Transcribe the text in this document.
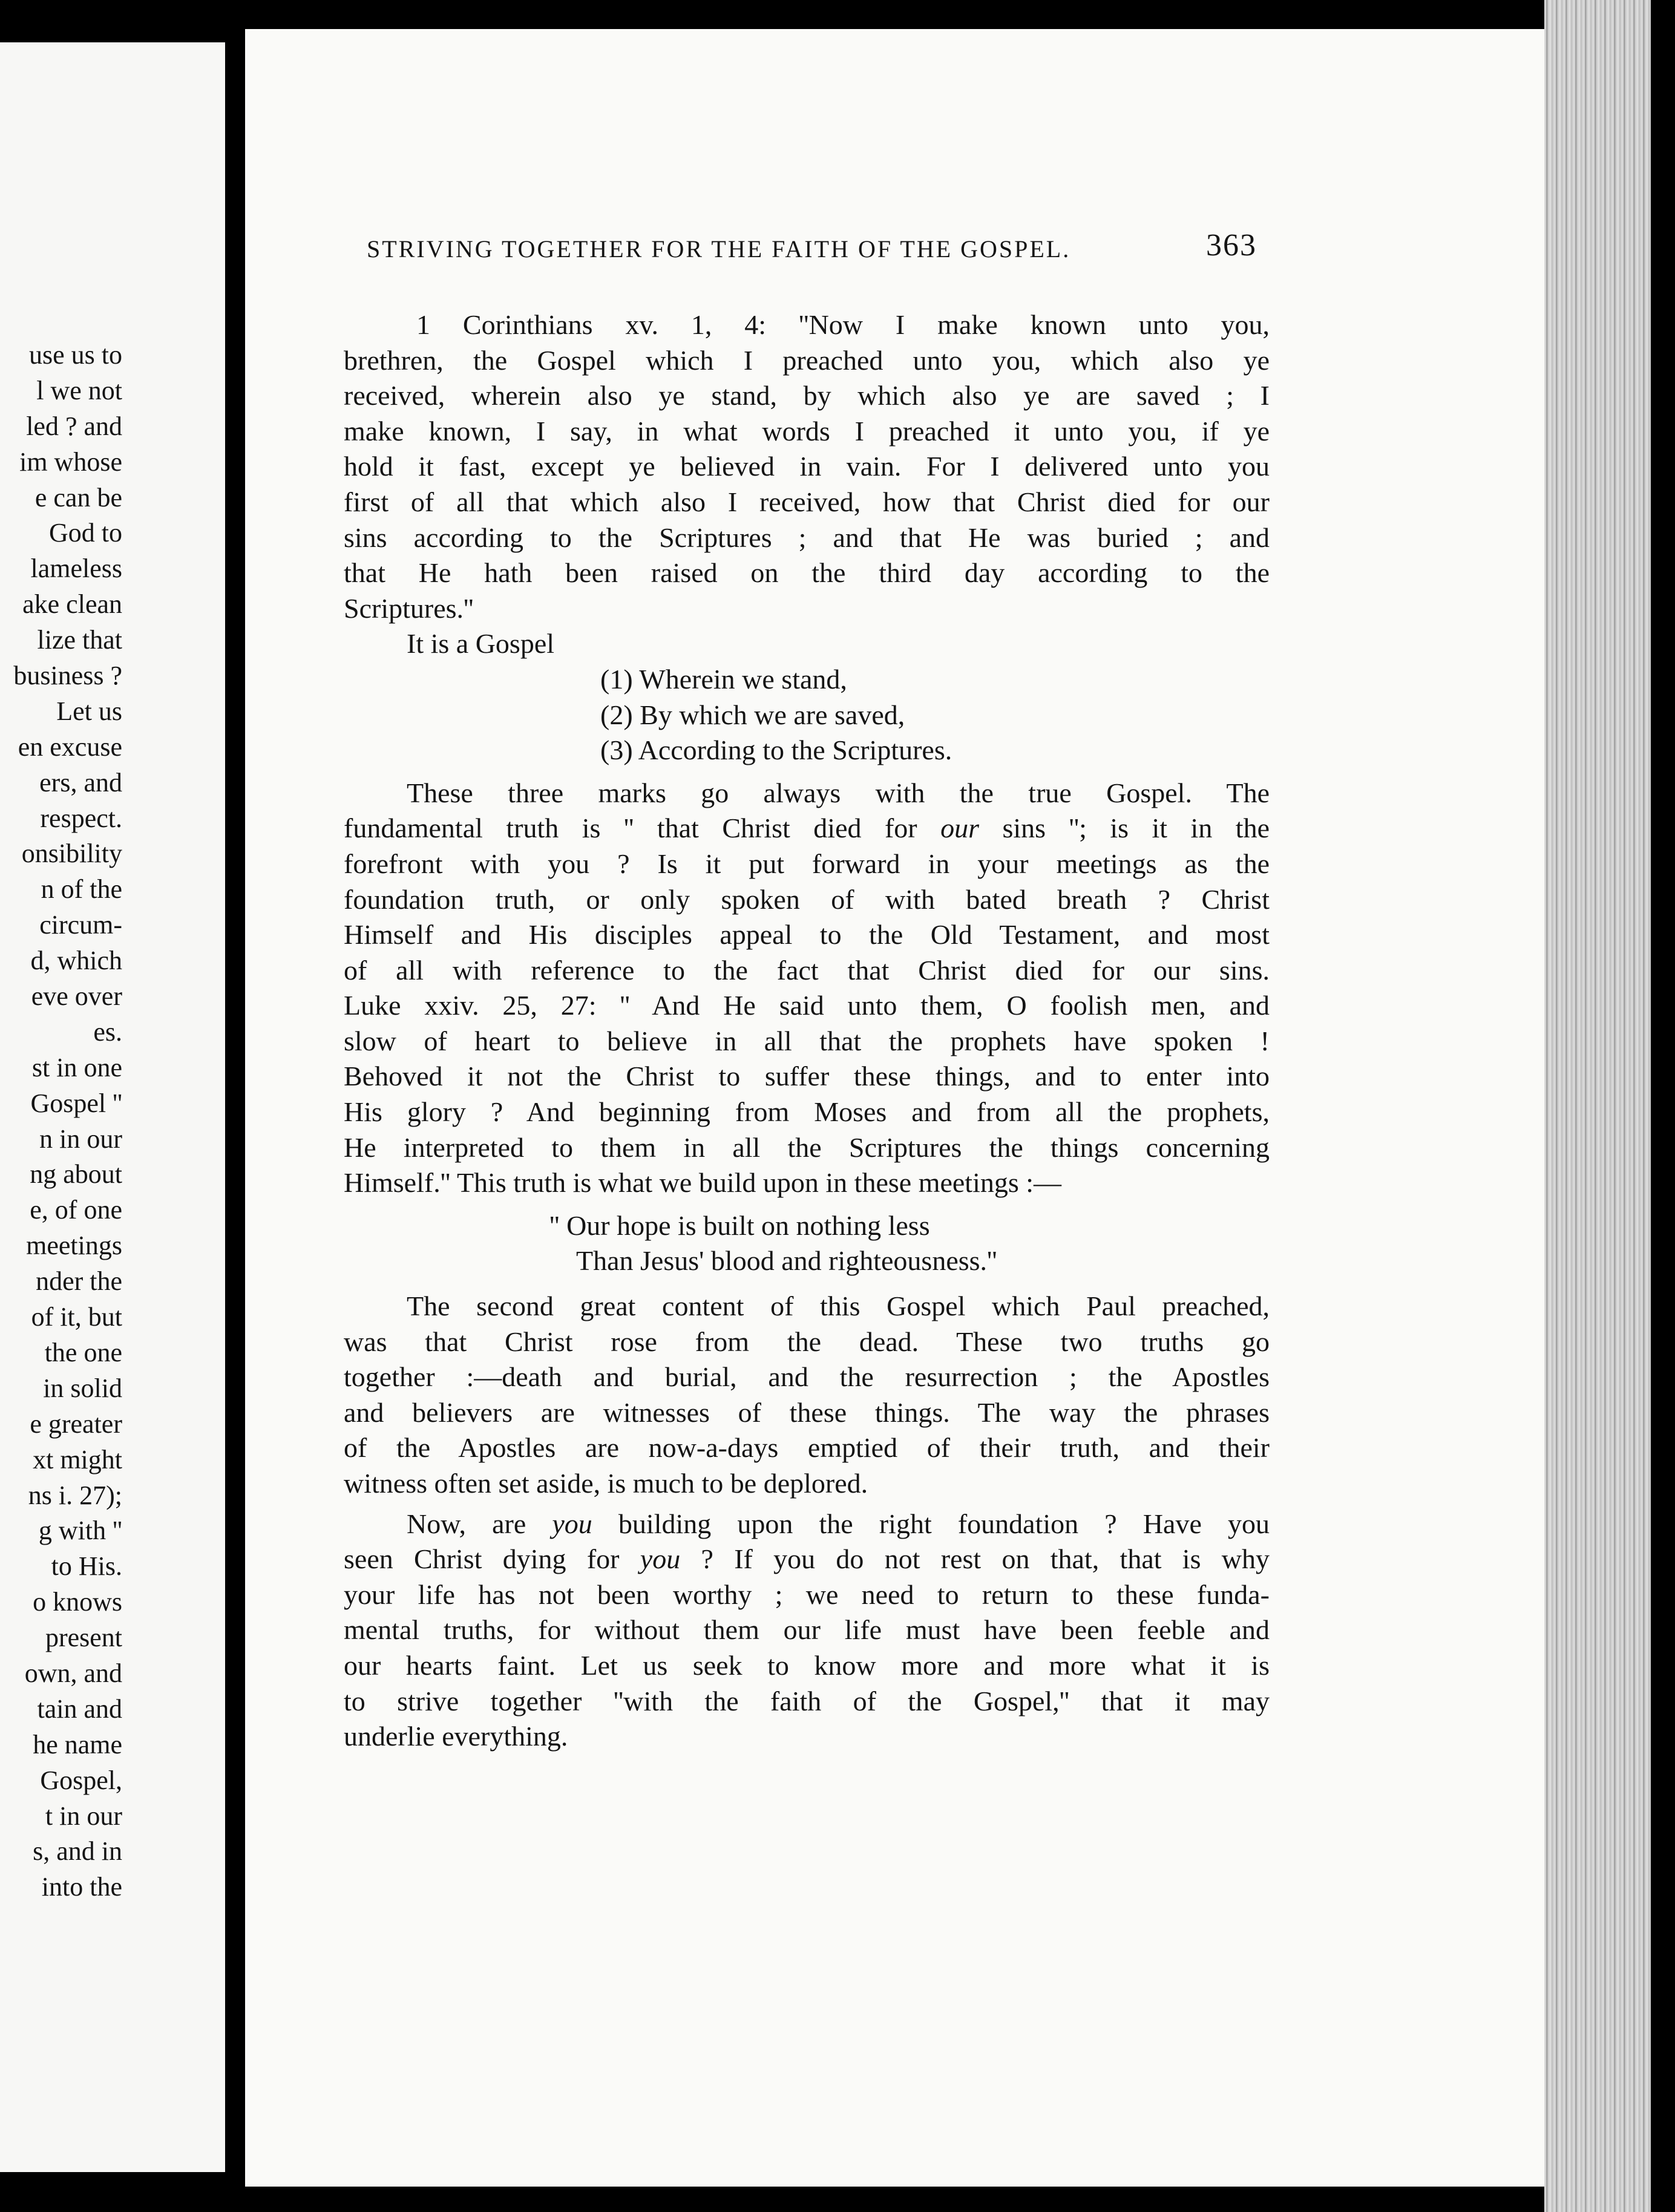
use us to
l we not
led ? and
im whose
e can be
God to
lameless
ake clean
lize that
business ?
Let us
en excuse
ers, and
respect.
onsibility
n of the
circum-
d, which
eve over
es.
st in one
Gospel ''
n in our
ng about
e, of one
meetings
nder the
of it, but
the one
in solid
e greater
xt might
ns i. 27);
g with ''
to His.
o knows
present
own, and
tain and
he name
Gospel,
t in our
s, and in
into the
STRIVING TOGETHER FOR THE FAITH OF THE GOSPEL.	363
1 Corinthians xv. 1, 4: ''Now I make known unto you,
brethren, the Gospel which I preached unto you, which also ye
received, wherein also ye stand, by which also ye are saved ; I
make known, I say, in what words I preached it unto you, if ye
hold it fast, except ye believed in vain. For I delivered unto you
first of all that which also I received, how that Christ died for our
sins according to the Scriptures ; and that He was buried ; and
that He hath been raised on the third day according to the
Scriptures.''
It is a Gospel
(1) Wherein we stand,
(2) By which we are saved,
(3) According to the Scriptures.
These three marks go always with the true Gospel. The
fundamental truth is '' that Christ died for our sins ''; is it in the
forefront with you ? Is it put forward in your meetings as the
foundation truth, or only spoken of with bated breath ? Christ
Himself and His disciples appeal to the Old Testament, and most
of all with reference to the fact that Christ died for our sins.
Luke xxiv. 25, 27: '' And He said unto them, O foolish men, and
slow of heart to believe in all that the prophets have spoken !
Behoved it not the Christ to suffer these things, and to enter into
His glory ? And beginning from Moses and from all the prophets,
He interpreted to them in all the Scriptures the things concerning
Himself.'' This truth is what we build upon in these meetings :—
'' Our hope is built on nothing less
Than Jesus' blood and righteousness.''
The second great content of this Gospel which Paul preached,
was that Christ rose from the dead. These two truths go
together :—death and burial, and the resurrection ; the Apostles
and believers are witnesses of these things. The way the phrases
of the Apostles are now-a-days emptied of their truth, and their
witness often set aside, is much to be deplored.
Now, are you building upon the right foundation ? Have you
seen Christ dying for you ? If you do not rest on that, that is why
your life has not been worthy ; we need to return to these funda-
mental truths, for without them our life must have been feeble and
our hearts faint. Let us seek to know more and more what it is
to strive together ''with the faith of the Gospel,'' that it may
underlie everything.
